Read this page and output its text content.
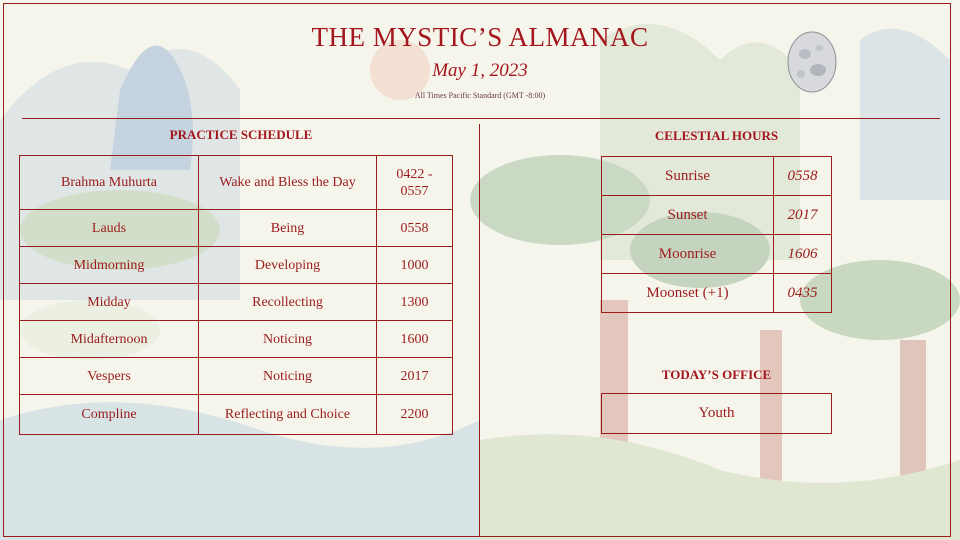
THE MYSTIC’S ALMANAC
May 1, 2023
All Times Pacific Standard (GMT -8:00)
PRACTICE SCHEDULE
Brahma Muhurta	Wake and Bless the Day	0422 - 0557
Lauds	Being	0558
Midmorning	Developing	1000
Midday	Recollecting	1300
Midafternoon	Noticing	1600
Vespers	Noticing	2017
Compline	Reflecting and Choice	2200
CELESTIAL HOURS
Sunrise	0558
Sunset	2017
Moonrise	1606
Moonset (+1)	0435
TODAY’S OFFICE
Youth
